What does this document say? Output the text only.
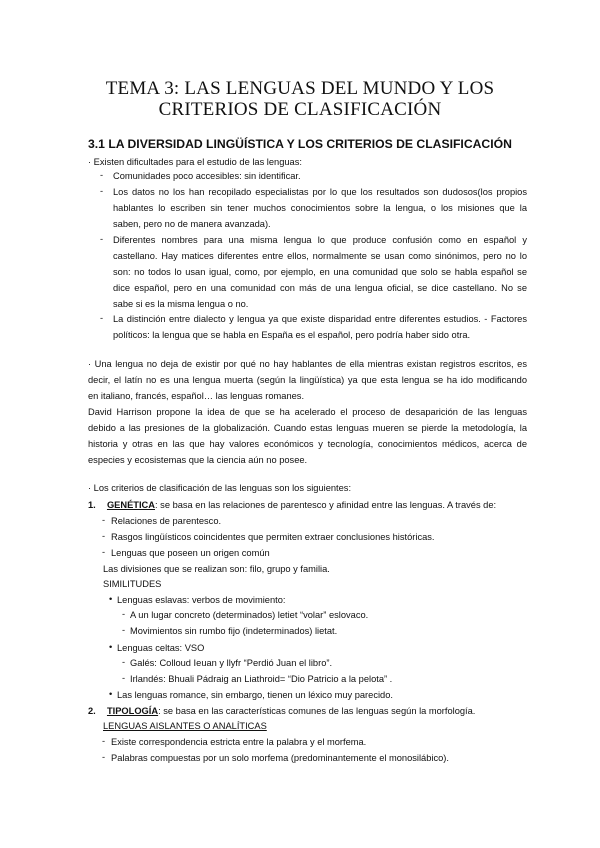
TEMA 3: LAS LENGUAS DEL MUNDO Y LOS
CRITERIOS DE CLASIFICACIÓN
3.1 LA DIVERSIDAD LINGÜÍSTICA Y LOS CRITERIOS DE CLASIFICACIÓN
· Existen dificultades para el estudio de las lenguas:
- Comunidades poco accesibles: sin identificar.
- Los datos no los han recopilado especialistas por lo que los resultados son dudosos(los propios
hablantes lo escriben sin tener muchos conocimientos sobre la lengua, o los misiones que la
saben, pero no de manera avanzada).
- Diferentes nombres para una misma lengua lo que produce confusión como en español y
castellano. Hay matices diferentes entre ellos, normalmente se usan como sinónimos, pero no lo
son: no todos lo usan igual, como, por ejemplo, en una comunidad que solo se habla español se
dice español, pero en una comunidad con más de una lengua oficial, se dice castellano. No se
sabe si es la misma lengua o no.
- La distinción entre dialecto y lengua ya que existe disparidad entre diferentes estudios. - Factores
políticos: la lengua que se habla en España es el español, pero podría haber sido otra.
· Una lengua no deja de existir por qué no hay hablantes de ella mientras existan registros escritos, es
decir, el latín no es una lengua muerta (según la lingüística) ya que esta lengua se ha ido modificando
en italiano, francés, español… las lenguas romanes.
David Harrison propone la idea de que se ha acelerado el proceso de desaparición de las lenguas
debido a las presiones de la globalización. Cuando estas lenguas mueren se pierde la metodología, la
historia y otras en las que hay valores económicos y tecnología, conocimientos médicos, acerca de
especies y ecosistemas que la ciencia aún no posee.
· Los criterios de clasificación de las lenguas son los siguientes:
1. GENÉTICA: se basa en las relaciones de parentesco y afinidad entre las lenguas. A través de:
- Relaciones de parentesco.
- Rasgos lingüísticos coincidentes que permiten extraer conclusiones históricas.
- Lenguas que poseen un origen común
Las divisiones que se realizan son: filo, grupo y familia.
SIMILITUDES
• Lenguas eslavas: verbos de movimiento:
- A un lugar concreto (determinados) letiet “volar” eslovaco.
- Movimientos sin rumbo fijo (indeterminados) lietat.
• Lenguas celtas: VSO
- Galés: Colloud Ieuan y llyfr “Perdió Juan el libro”.
- Irlandés: Bhuali Pádraig an Liathroid= “Dio Patricio a la pelota” .
• Las lenguas romance, sin embargo, tienen un léxico muy parecido.
2. TIPOLOGÍA: se basa en las características comunes de las lenguas según la morfología.
LENGUAS AISLANTES O ANALÍTICAS
- Existe correspondencia estricta entre la palabra y el morfema.
- Palabras compuestas por un solo morfema (predominantemente el monosilábico).
